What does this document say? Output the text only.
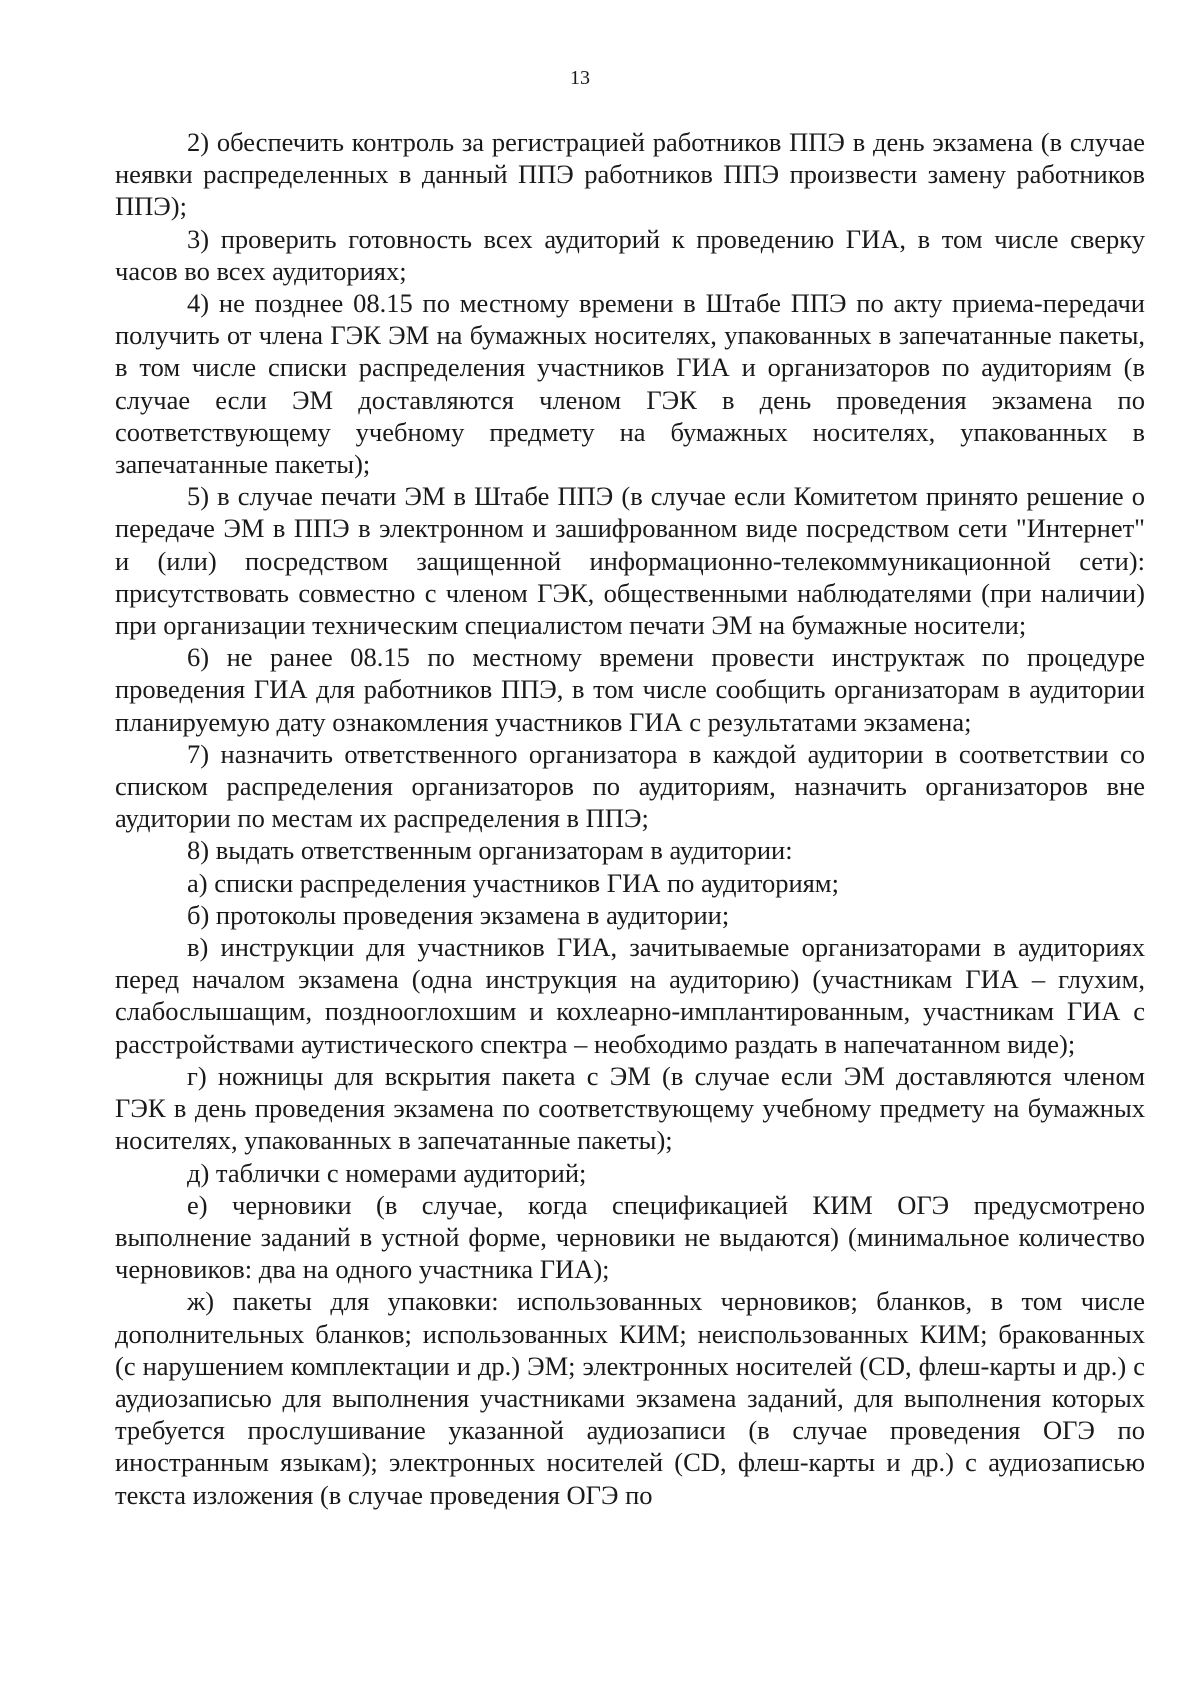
13

2) обеспечить контроль за регистрацией работников ППЭ в день экзамена (в случае неявки распределенных в данный ППЭ работников ППЭ произвести замену работников ППЭ);

3) проверить готовность всех аудиторий к проведению ГИА, в том числе сверку часов во всех аудиториях;

4) не позднее 08.15 по местному времени в Штабе ППЭ по акту приема-передачи получить от члена ГЭК ЭМ на бумажных носителях, упакованных в запечатанные пакеты, в том числе списки распределения участников ГИА и организаторов по аудиториям (в случае если ЭМ доставляются членом ГЭК в день проведения экзамена по соответствующему учебному предмету на бумажных носителях, упакованных в запечатанные пакеты);

5) в случае печати ЭМ в Штабе ППЭ (в случае если Комитетом принято решение о передаче ЭМ в ППЭ в электронном и зашифрованном виде посредством сети "Интернет" и (или) посредством защищенной информационно-телекоммуникационной сети): присутствовать совместно с членом ГЭК, общественными наблюдателями (при наличии) при организации техническим специалистом печати ЭМ на бумажные носители;

6) не ранее 08.15 по местному времени провести инструктаж по процедуре проведения ГИА для работников ППЭ, в том числе сообщить организаторам в аудитории планируемую дату ознакомления участников ГИА с результатами экзамена;

7) назначить ответственного организатора в каждой аудитории в соответствии со списком распределения организаторов по аудиториям, назначить организаторов вне аудитории по местам их распределения в ППЭ;

8) выдать ответственным организаторам в аудитории:

а) списки распределения участников ГИА по аудиториям;

б) протоколы проведения экзамена в аудитории;

в) инструкции для участников ГИА, зачитываемые организаторами в аудиториях перед началом экзамена (одна инструкция на аудиторию) (участникам ГИА – глухим, слабослышащим, позднооглохшим и кохлеарно-имплантированным, участникам ГИА с расстройствами аутистического спектра – необходимо раздать в напечатанном виде);

г) ножницы для вскрытия пакета с ЭМ (в случае если ЭМ доставляются членом ГЭК в день проведения экзамена по соответствующему учебному предмету на бумажных носителях, упакованных в запечатанные пакеты);

д) таблички с номерами аудиторий;

е) черновики (в случае, когда спецификацией КИМ ОГЭ предусмотрено выполнение заданий в устной форме, черновики не выдаются) (минимальное количество черновиков: два на одного участника ГИА);

ж) пакеты для упаковки: использованных черновиков; бланков, в том числе дополнительных бланков; использованных КИМ; неиспользованных КИМ; бракованных (с нарушением комплектации и др.) ЭМ; электронных носителей (CD, флеш-карты и др.) с аудиозаписью для выполнения участниками экзамена заданий, для выполнения которых требуется прослушивание указанной аудиозаписи (в случае проведения ОГЭ по иностранным языкам); электронных носителей (CD, флеш-карты и др.) с аудиозаписью текста изложения (в случае проведения ОГЭ по
